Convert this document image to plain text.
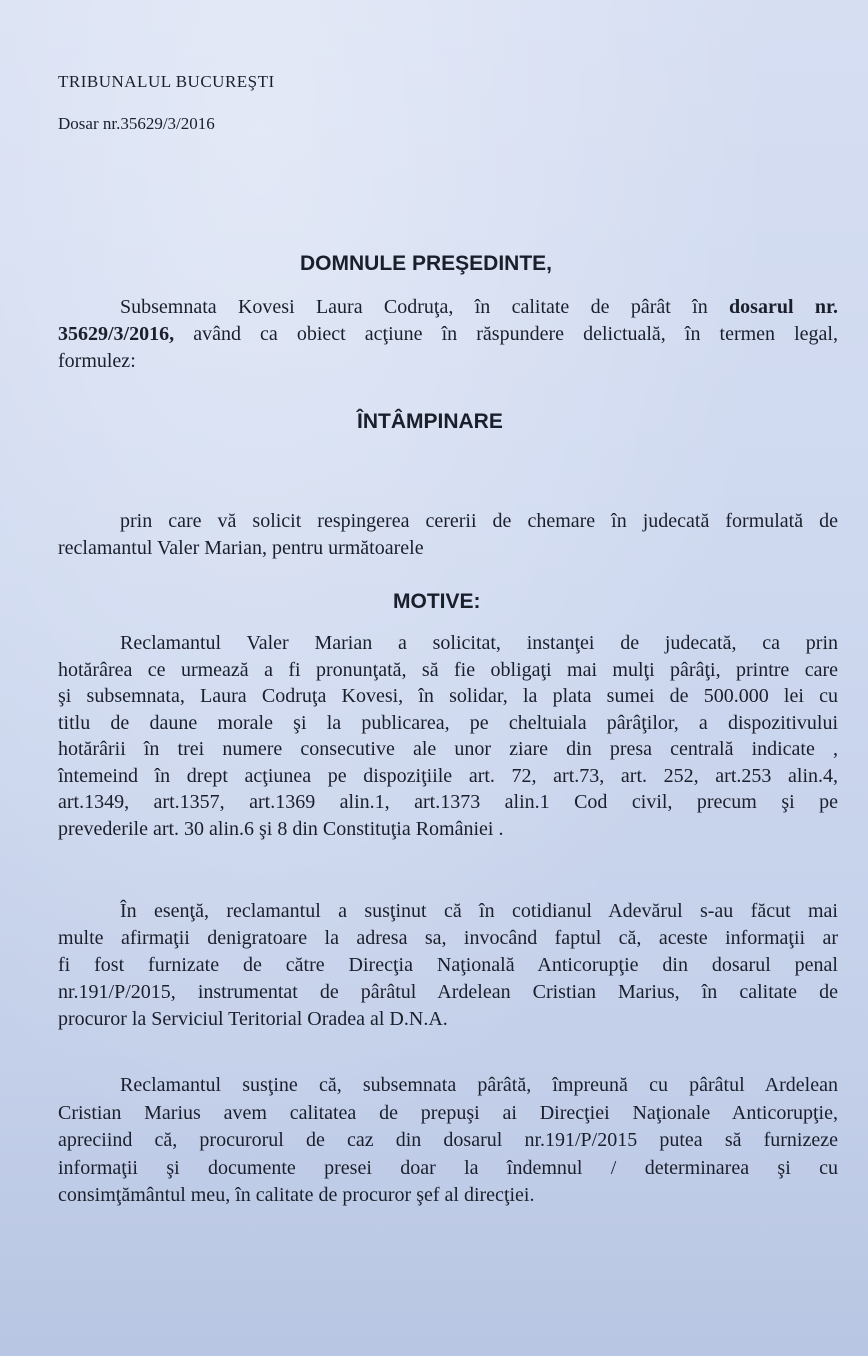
TRIBUNALUL BUCUREŞTI
Dosar nr.35629/3/2016
DOMNULE PREŞEDINTE,
Subsemnata Kovesi Laura Codruţa, în calitate de pârât în dosarul nr.
35629/3/2016, având ca obiect acţiune în răspundere delictuală, în termen legal,
formulez:
ÎNTÂMPINARE
prin care vă solicit respingerea cererii de chemare în judecată formulată de
reclamantul Valer Marian, pentru următoarele
MOTIVE:
Reclamantul Valer Marian a solicitat, instanţei de judecată, ca prin
hotărârea ce urmează a fi pronunţată, să fie obligaţi mai mulţi pârâţi, printre care
şi subsemnata, Laura Codruţa Kovesi, în solidar, la plata sumei de 500.000 lei cu
titlu de daune morale şi la publicarea, pe cheltuiala pârâţilor, a dispozitivului
hotărârii în trei numere consecutive ale unor ziare din presa centrală indicate ,
întemeind în drept acţiunea pe dispoziţiile art. 72, art.73, art. 252, art.253 alin.4,
art.1349, art.1357, art.1369 alin.1, art.1373 alin.1 Cod civil, precum şi pe
prevederile art. 30 alin.6 şi 8 din Constituţia României .
În esenţă, reclamantul a susţinut că în cotidianul Adevărul s-au făcut mai
multe afirmaţii denigratoare la adresa sa, invocând faptul că, aceste informaţii ar
fi fost furnizate de către Direcţia Naţională Anticorupţie din dosarul penal
nr.191/P/2015, instrumentat de pârâtul Ardelean Cristian Marius, în calitate de
procuror la Serviciul Teritorial Oradea al D.N.A.
Reclamantul susţine că, subsemnata pârâtă, împreună cu pârâtul Ardelean
Cristian Marius avem calitatea de prepuşi ai Direcţiei Naţionale Anticorupţie,
apreciind că, procurorul de caz din dosarul nr.191/P/2015 putea să furnizeze
informaţii şi documente presei doar la îndemnul / determinarea şi cu
consimţământul meu, în calitate de procuror şef al direcţiei.
